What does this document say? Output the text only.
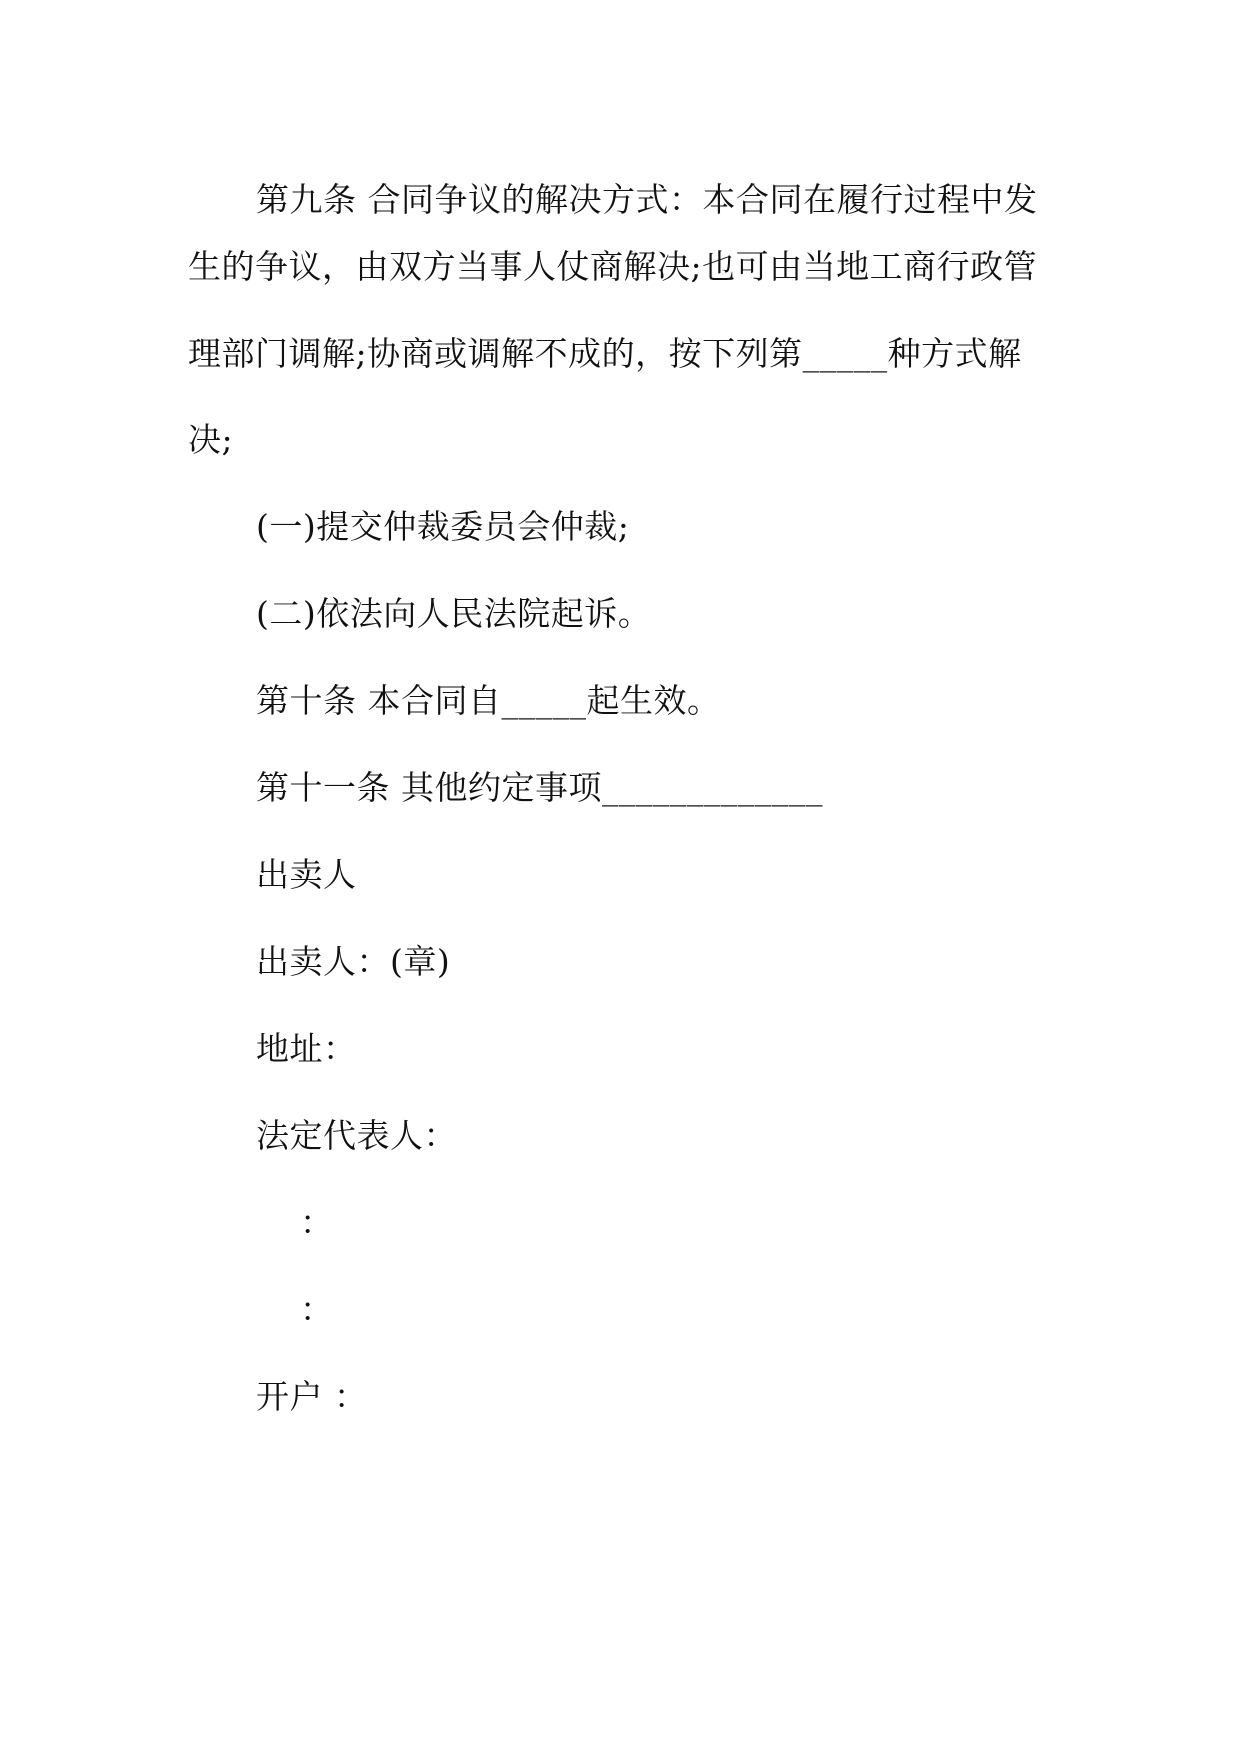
第九条 合同争议的解决方式：本合同在履行过程中发
生的争议，由双方当事人仗商解决;也可由当地工商行政管
理部门调解;协商或调解不成的，按下列第_____种方式解
决;
(一)提交仲裁委员会仲裁;
(二)依法向人民法院起诉。
第十条 本合同自_____起生效。
第十一条 其他约定事项_____________
出卖人
出卖人：(章)
地址：
法定代表人：
：
：
开户 ：
